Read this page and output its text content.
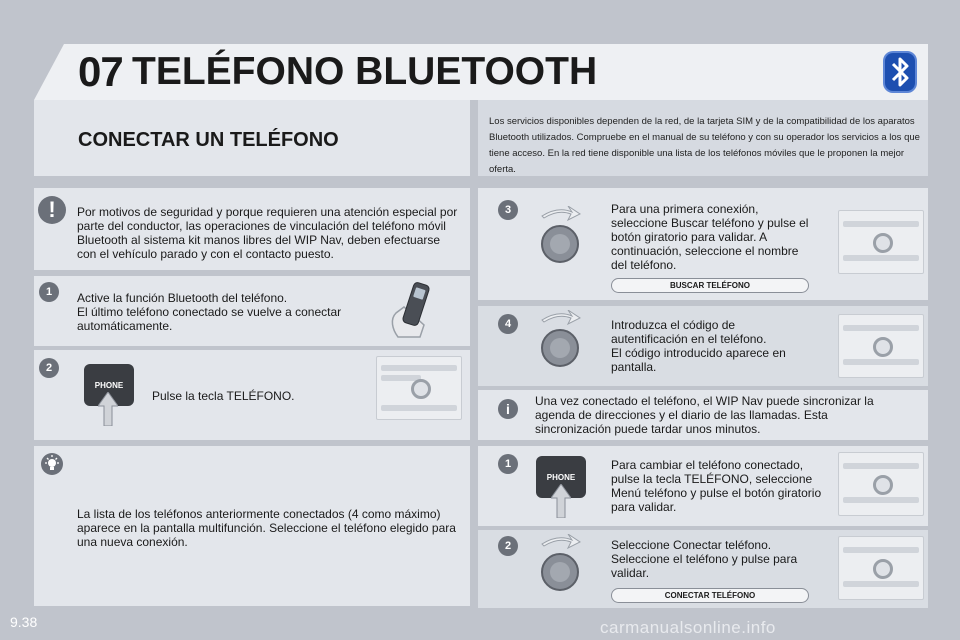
07 TELÉFONO BLUETOOTH
CONECTAR UN TELÉFONO
Los servicios disponibles dependen de la red, de la tarjeta SIM y de la compatibilidad de los aparatos Bluetooth utilizados. Compruebe en el manual de su teléfono y con su operador los servicios a los que tiene acceso. En la red tiene disponible una lista de los teléfonos móviles que le proponen la mejor oferta.
!	Por motivos de seguridad y porque requieren una atención especial por parte del conductor, las operaciones de vinculación del teléfono móvil Bluetooth al sistema kit manos libres del WIP Nav, deben efectuarse con el vehículo parado y con el contacto puesto.
1	Active la función Bluetooth del teléfono.
El último teléfono conectado se vuelve a conectar automáticamente.
2
PHONE
Pulse la tecla TELÉFONO.
La lista de los teléfonos anteriormente conectados (4 como máximo) aparece en la pantalla multifunción. Seleccione el teléfono elegido para una nueva conexión.
3	Para una primera conexión, seleccione Buscar teléfono y pulse el botón giratorio para validar. A continuación, seleccione el nombre del teléfono.
BUSCAR TELÉFONO
4	Introduzca el código de autentificación en el teléfono.
El código introducido aparece en pantalla.
i	Una vez conectado el teléfono, el WIP Nav puede sincronizar la agenda de direcciones y el diario de las llamadas. Esta sincronización puede tardar unos minutos.
1
PHONE
Para cambiar el teléfono conectado, pulse la tecla TELÉFONO, seleccione Menú teléfono y pulse el botón giratorio para validar.
2	Seleccione Conectar teléfono.
Seleccione el teléfono y pulse para validar.
CONECTAR TELÉFONO
9.38	carmanualsonline.info
